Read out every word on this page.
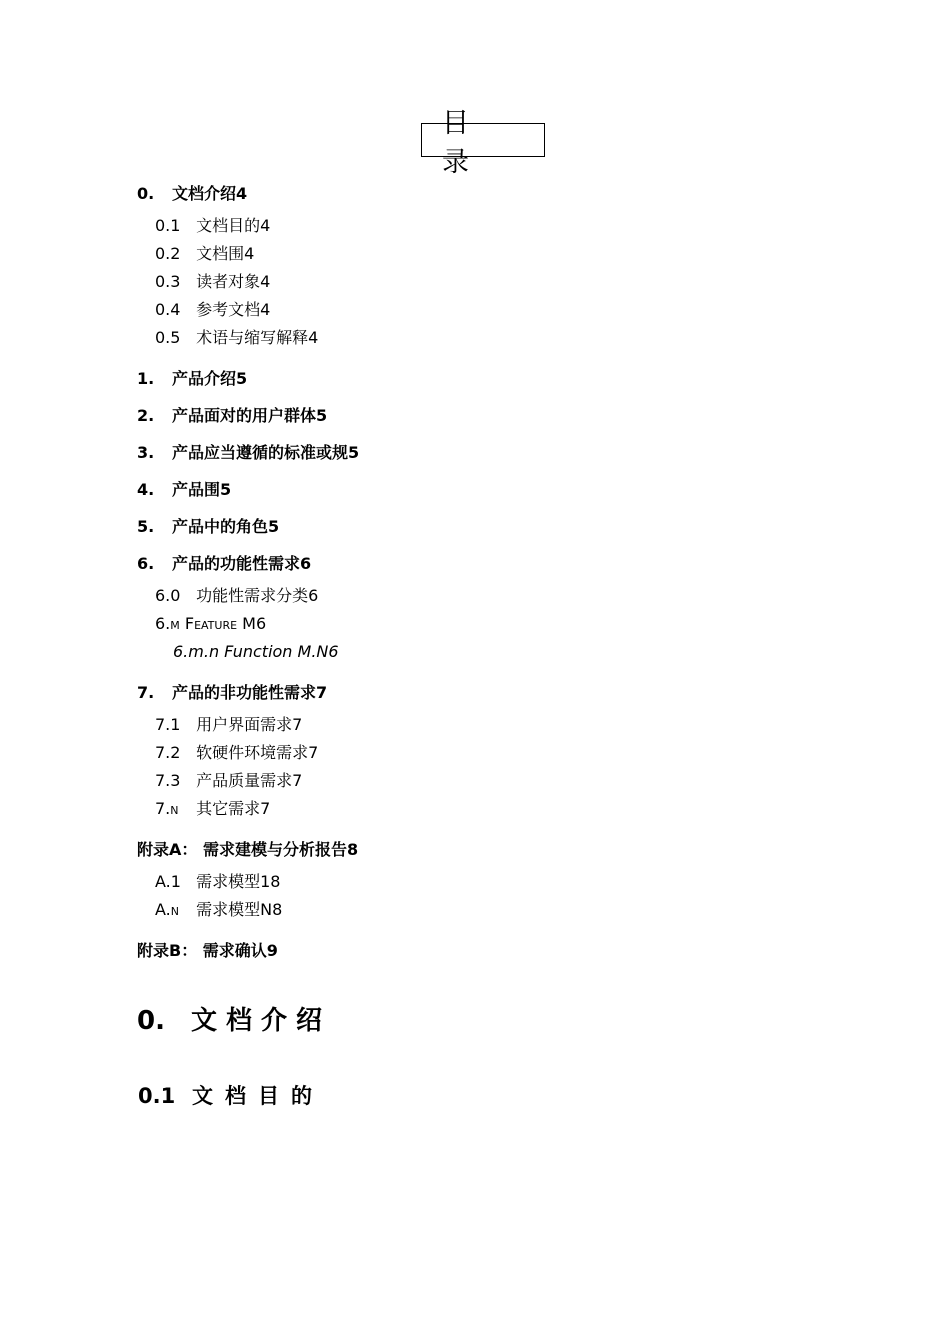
目 录
0.	文档介绍4
0.1 文档目的4
0.2 文档围4
0.3 读者对象4
0.4 参考文档4
0.5 术语与缩写解释4
1.	产品介绍5
2.	产品面对的用户群体5
3.	产品应当遵循的标准或规5
4.	产品围5
5.	产品中的角色5
6.	产品的功能性需求6
6.0 功能性需求分类6
6.m Feature M6
6.m.n Function M.N6
7.	产品的非功能性需求7
7.1 用户界面需求7
7.2 软硬件环境需求7
7.3 产品质量需求7
7.n 其它需求7
附录A： 需求建模与分析报告8
A.1 需求模型18
A.n 需求模型N8
附录B： 需求确认9
0. 文档介绍
0.1 文档目的
